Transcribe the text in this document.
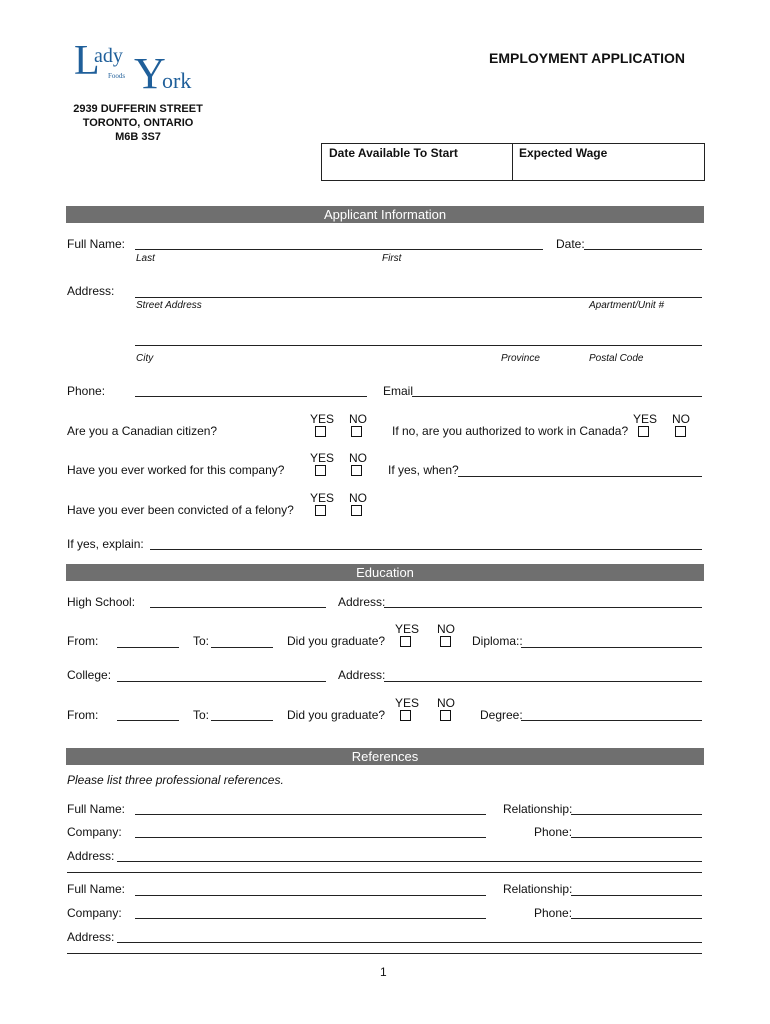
L
ady Y
ork
Foods
EMPLOYMENT APPLICATION
2939 DUFFERIN STREET
TORONTO, ONTARIO
M6B 3S7
Date Available To Start	Expected Wage
Applicant Information
Full Name:
Last	First
Date:
Address:
Street Address	Apartment/Unit #
City	Province	Postal Code
Phone:	Email
Are you a Canadian citizen?
YES NO
If no, are you authorized to work in Canada?
YES NO
Have you ever worked for this company?
YES NO
If yes, when?
Have you ever been convicted of a felony?
YES NO
If yes, explain:
Education
High School:	Address:
From:	To:	Did you graduate?
YES NO
Diploma::
College:	Address:
From:	To:	Did you graduate?
YES NO
Degree:
References
Please list three professional references.
Full Name:	Relationship:
Company:	Phone:
Address:
Full Name:	Relationship:
Company:	Phone:
Address:
1
